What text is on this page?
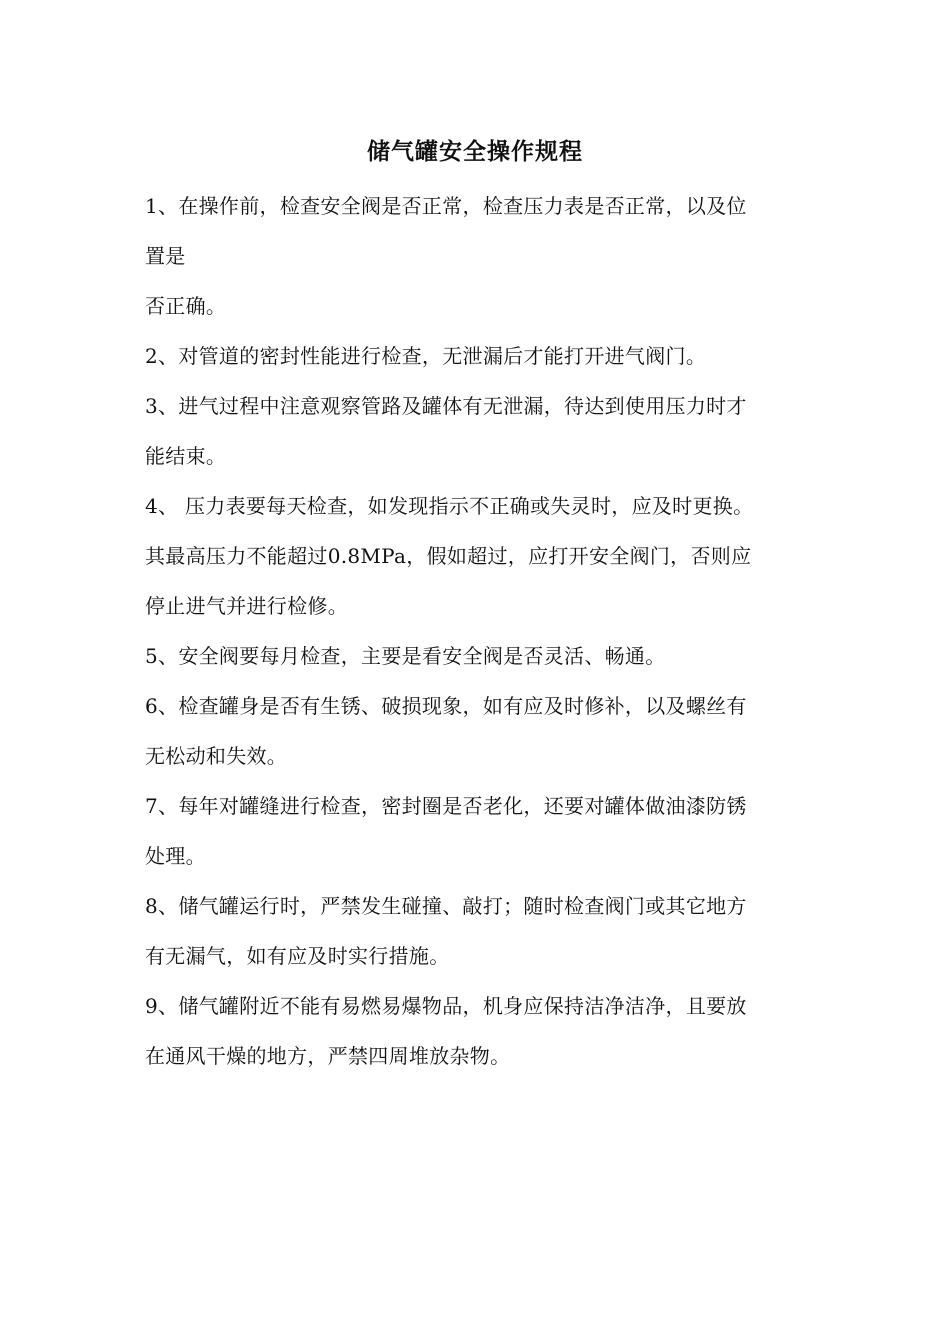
储气罐安全操作规程
1、在操作前，检查安全阀是否正常，检查压力表是否正常，以及位
置是
否正确。
2、对管道的密封性能进行检查，无泄漏后才能打开进气阀门。
3、进气过程中注意观察管路及罐体有无泄漏，待达到使用压力时才
能结束。
4、 压力表要每天检查，如发现指示不正确或失灵时，应及时更换。
其最高压力不能超过0.8MPa，假如超过，应打开安全阀门，否则应
停止进气并进行检修。
5、安全阀要每月检查，主要是看安全阀是否灵活、畅通。
6、检查罐身是否有生锈、破损现象，如有应及时修补，以及螺丝有
无松动和失效。
7、每年对罐缝进行检查，密封圈是否老化，还要对罐体做油漆防锈
处理。
8、储气罐运行时，严禁发生碰撞、敲打；随时检查阀门或其它地方
有无漏气，如有应及时实行措施。
9、储气罐附近不能有易燃易爆物品，机身应保持洁净洁净，且要放
在通风干燥的地方，严禁四周堆放杂物。
